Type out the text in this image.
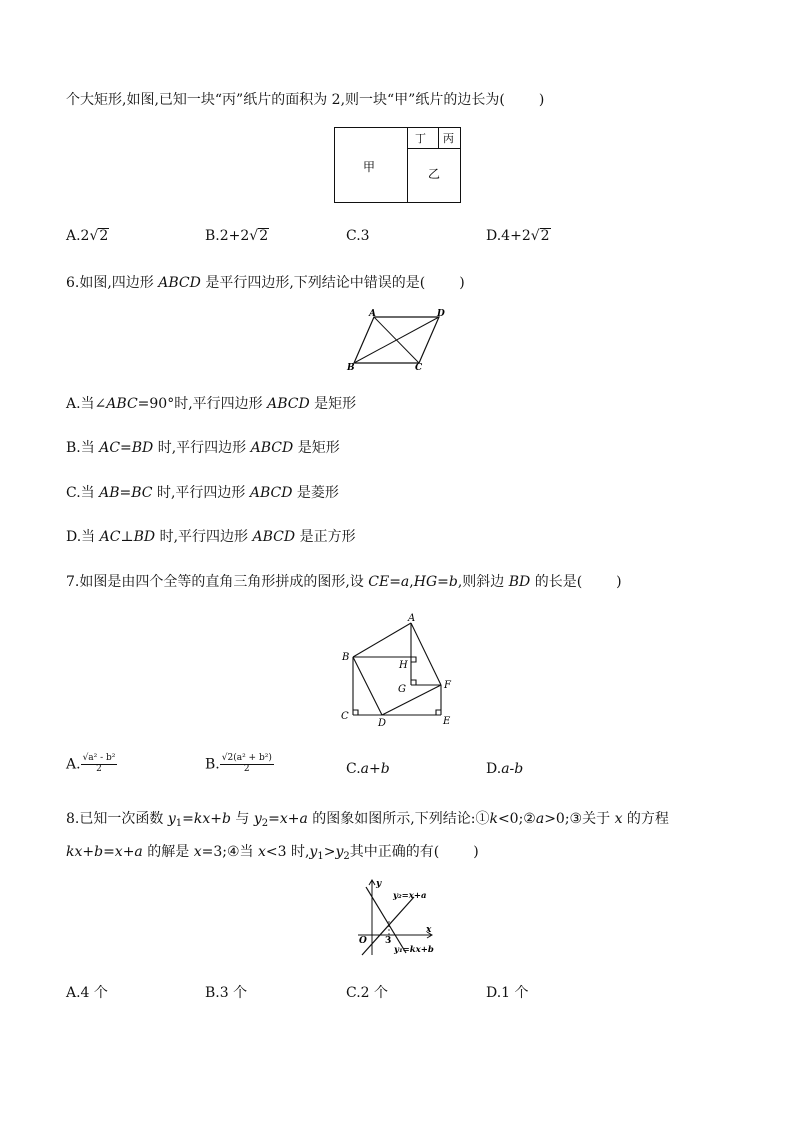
个大矩形,如图,已知一块“丙”纸片的面积为 2,则一块“甲”纸片的边长为( )
甲	乙
丁 丙
A.2√2	B.2+2√2	C.3	D.4+2√2
6.如图,四边形 ABCD 是平行四边形,下列结论中错误的是( )
A	D
B	C
A.当∠ABC=90°时,平行四边形 ABCD 是矩形
B.当 AC=BD 时,平行四边形 ABCD 是矩形
C.当 AB=BC 时,平行四边形 ABCD 是菱形
D.当 AC⊥BD 时,平行四边形 ABCD 是正方形
7.如图是由四个全等的直角三角形拼成的图形,设 CE=a,HG=b,则斜边 BD 的长是( )
A
B
H
G	F
C
D	E
A. $\frac{\text{√a² - b²}}{2}$	B. $\frac{\text{√2(a² + b²)}}{2}$	C.a+b	D.a-b
8.已知一次函数 $y_1=kx+b$ 与 $y_2=x+a$ 的图象如图所示,下列结论:①k<0;②a>0;③关于 x 的方程
kx+b=x+a 的解是 x=3;④当 x<3 时$,y_1>y_2$其中正确的有( )
y
x
O 3
y₂=x+a
y₁=kx+b
A.4 个	B.3 个	C.2 个	D.1 个
